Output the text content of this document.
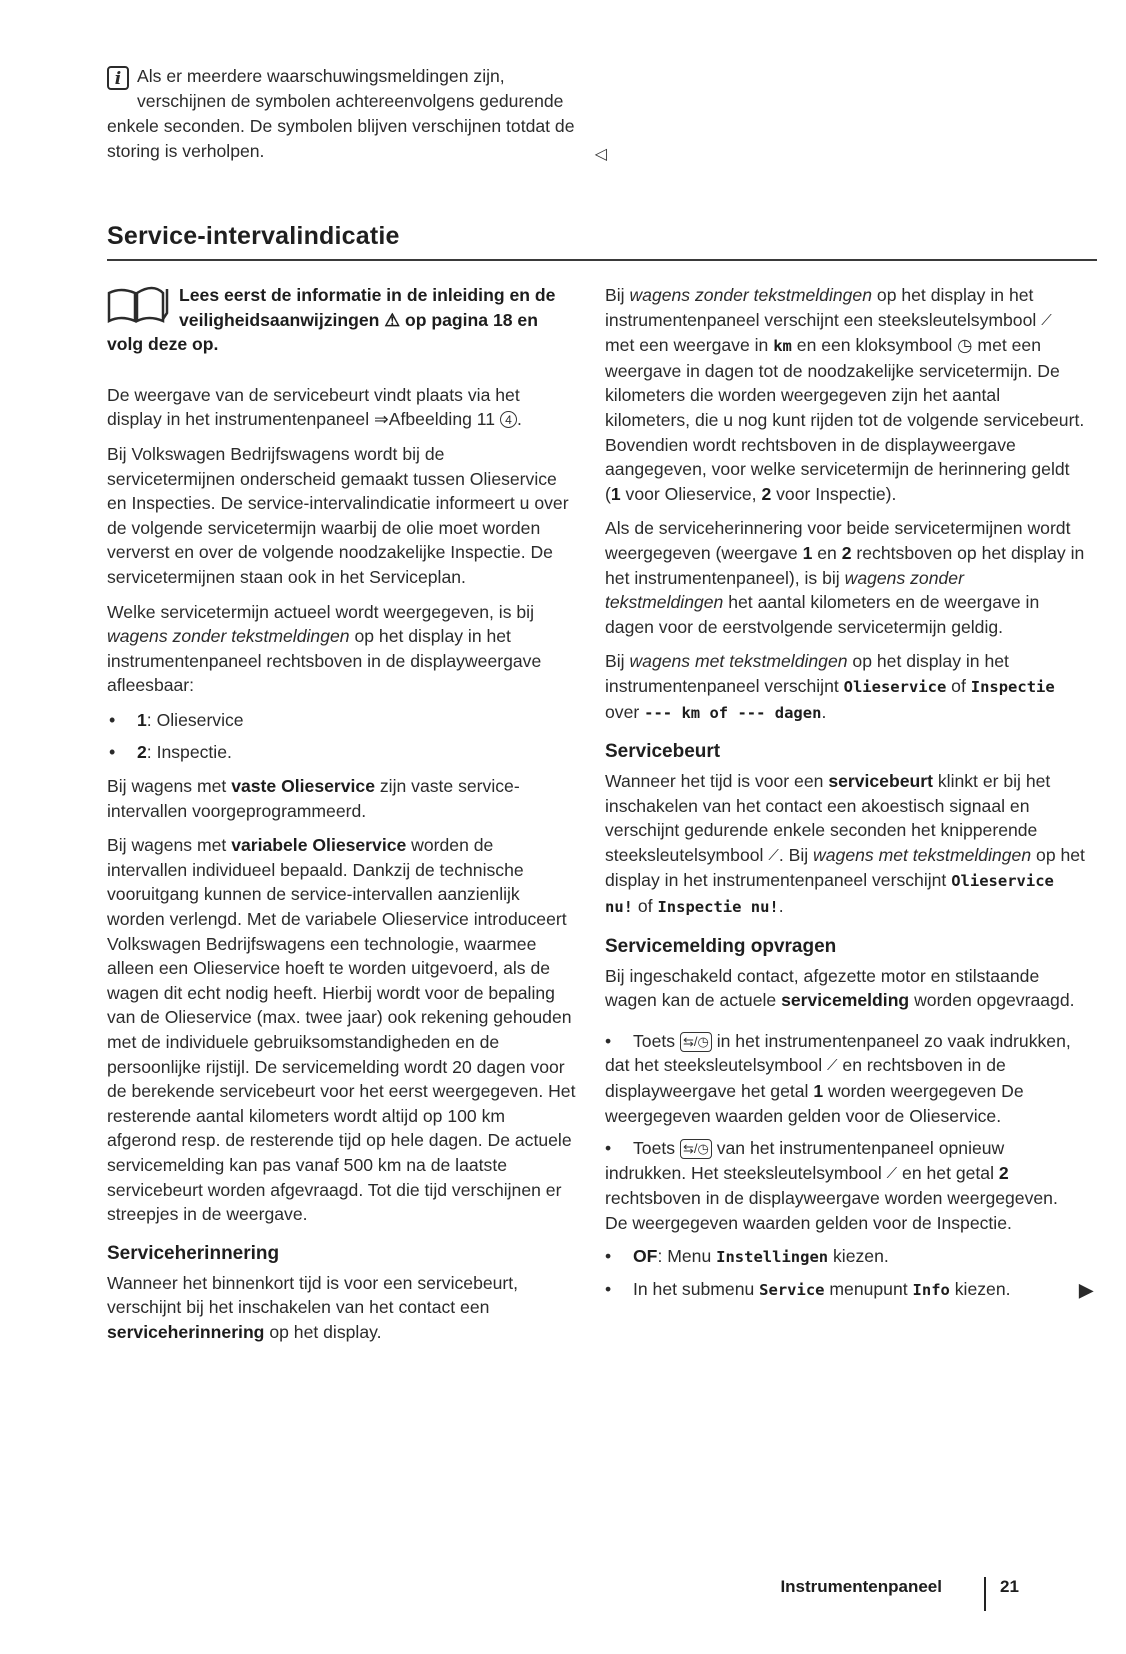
i Als er meerdere waarschuwingsmeldingen zijn, verschijnen de symbolen achtereenvolgens gedurende enkele seconden. De symbolen blijven verschijnen totdat de storing is verholpen.	◁
Service-intervalindicatie
Lees eerst de informatie in de inleiding en de veiligheidsaanwijzingen ⚠ op pagina 18 en volg deze op.

De weergave van de servicebeurt vindt plaats via het display in het instrumentenpaneel ⇒Afbeelding 11 4 .

Bij Volkswagen Bedrijfswagens wordt bij de servicetermijnen onderscheid gemaakt tussen Olieservice en Inspecties. De service-intervalindicatie informeert u over de volgende servicetermijn waarbij de olie moet worden ververst en over de volgende noodzakelijke Inspectie. De servicetermijnen staan ook in het Serviceplan.

Welke servicetermijn actueel wordt weergegeven, is bij wagens zonder tekstmeldingen op het display in het instrumentenpaneel rechtsboven in de displayweergave afleesbaar:

• 1: Olieservice
• 2: Inspectie.

Bij wagens met vaste Olieservice zijn vaste service-intervallen voorgeprogrammeerd.

Bij wagens met variabele Olieservice worden de intervallen individueel bepaald. Dankzij de technische vooruitgang kunnen de service-intervallen aanzienlijk worden verlengd. Met de variabele Olieservice introduceert Volkswagen Bedrijfswagens een technologie, waarmee alleen een Olieservice hoeft te worden uitgevoerd, als de wagen dit echt nodig heeft. Hierbij wordt voor de bepaling van de Olieservice (max. twee jaar) ook rekening gehouden met de individuele gebruiksomstandigheden en de persoonlijke rijstijl. De servicemelding wordt 20 dagen voor de berekende servicebeurt voor het eerst weergegeven. Het resterende aantal kilometers wordt altijd op 100 km afgerond resp. de resterende tijd op hele dagen. De actuele servicemelding kan pas vanaf 500 km na de laatste servicebeurt worden afgevraagd. Tot die tijd verschijnen er streepjes in de weergave.

Serviceherinnering

Wanneer het binnenkort tijd is voor een servicebeurt, verschijnt bij het inschakelen van het contact een serviceherinnering op het display.

Bij wagens zonder tekstmeldingen op het display in het instrumentenpaneel verschijnt een steeksleutelsymbool ⟋ met een weergave in km en een kloksymbool ◷ met een weergave in dagen tot de noodzakelijke servicetermijn. De kilometers die worden weergegeven zijn het aantal kilometers, die u nog kunt rijden tot de volgende servicebeurt. Bovendien wordt rechtsboven in de displayweergave aangegeven, voor welke servicetermijn de herinnering geldt (1 voor Olieservice, 2 voor Inspectie).

Als de serviceherinnering voor beide servicetermijnen wordt weergegeven (weergave 1 en 2 rechtsboven op het display in het instrumentenpaneel), is bij wagens zonder tekstmeldingen het aantal kilometers en de weergave in dagen voor de eerstvolgende servicetermijn geldig.

Bij wagens met tekstmeldingen op het display in het instrumentenpaneel verschijnt Olieservice of Inspectie over --- km of --- dagen.

Servicebeurt

Wanneer het tijd is voor een servicebeurt klinkt er bij het inschakelen van het contact een akoestisch signaal en verschijnt gedurende enkele seconden het knipperende steeksleutelsymbool ⟋. Bij wagens met tekstmeldingen op het display in het instrumentenpaneel verschijnt Olieservice nu! of Inspectie nu!.

Servicemelding opvragen

Bij ingeschakeld contact, afgezette motor en stilstaande wagen kan de actuele servicemelding worden opgevraagd.

• Toets ⇆/◷ in het instrumentenpaneel zo vaak indrukken, dat het steeksleutelsymbool ⟋ en rechtsboven in de displayweergave het getal 1 worden weergegeven De weergegeven waarden gelden voor de Olieservice.

• Toets ⇆/◷ van het instrumentenpaneel opnieuw indrukken. Het steeksleutelsymbool ⟋ en het getal 2 rechtsboven in de displayweergave worden weergegeven. De weergegeven waarden gelden voor de Inspectie.

• OF: Menu Instellingen kiezen.

• In het submenu Service menupunt Info kiezen.	▶

Instrumentenpaneel	21
